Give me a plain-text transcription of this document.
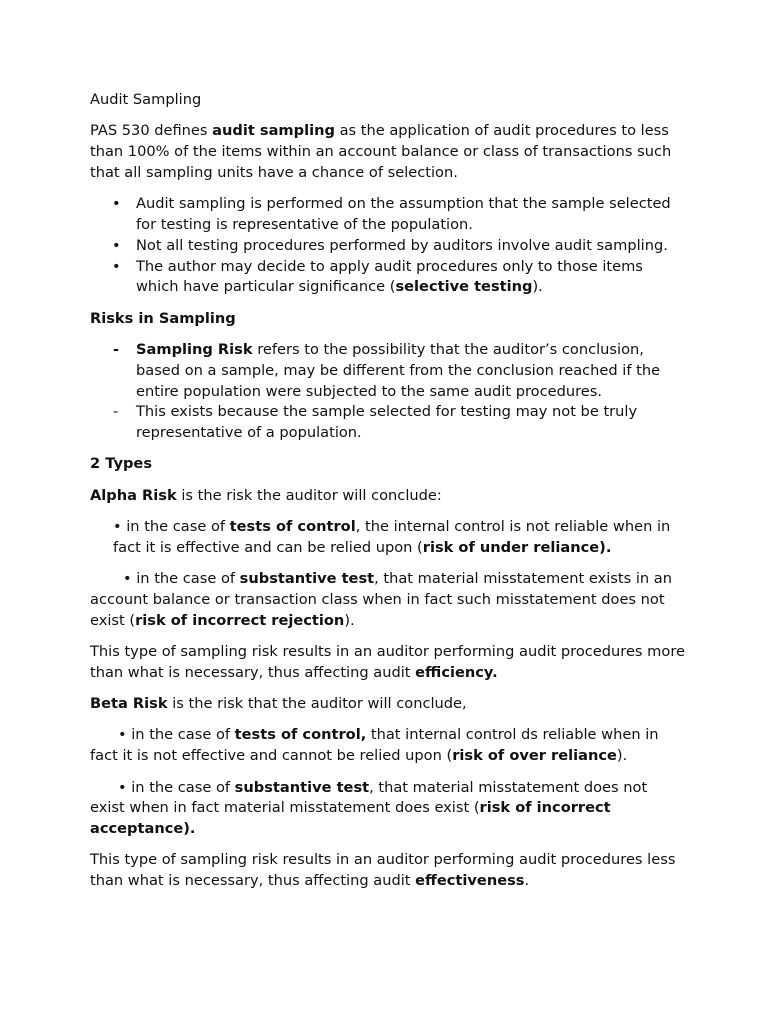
Audit Sampling

PAS 530 defines audit sampling as the application of audit procedures to less than 100% of the items within an account balance or class of transactions such that all sampling units have a chance of selection.

• Audit sampling is performed on the assumption that the sample selected for testing is representative of the population.
• Not all testing procedures performed by auditors involve audit sampling.
• The author may decide to apply audit procedures only to those items which have particular significance (selective testing).

Risks in Sampling

- Sampling Risk refers to the possibility that the auditor’s conclusion, based on a sample, may be different from the conclusion reached if the entire population were subjected to the same audit procedures.
- This exists because the sample selected for testing may not be truly representative of a population.

2 Types

Alpha Risk is the risk the auditor will conclude:

• in the case of tests of control, the internal control is not reliable when in fact it is effective and can be relied upon (risk of under reliance).

• in the case of substantive test, that material misstatement exists in an account balance or transaction class when in fact such misstatement does not exist (risk of incorrect rejection).

This type of sampling risk results in an auditor performing audit procedures more than what is necessary, thus affecting audit efficiency.

Beta Risk is the risk that the auditor will conclude,

• in the case of tests of control, that internal control ds reliable when in fact it is not effective and cannot be relied upon (risk of over reliance).

• in the case of substantive test, that material misstatement does not exist when in fact material misstatement does exist (risk of incorrect acceptance).

This type of sampling risk results in an auditor performing audit procedures less than what is necessary, thus affecting audit effectiveness.
